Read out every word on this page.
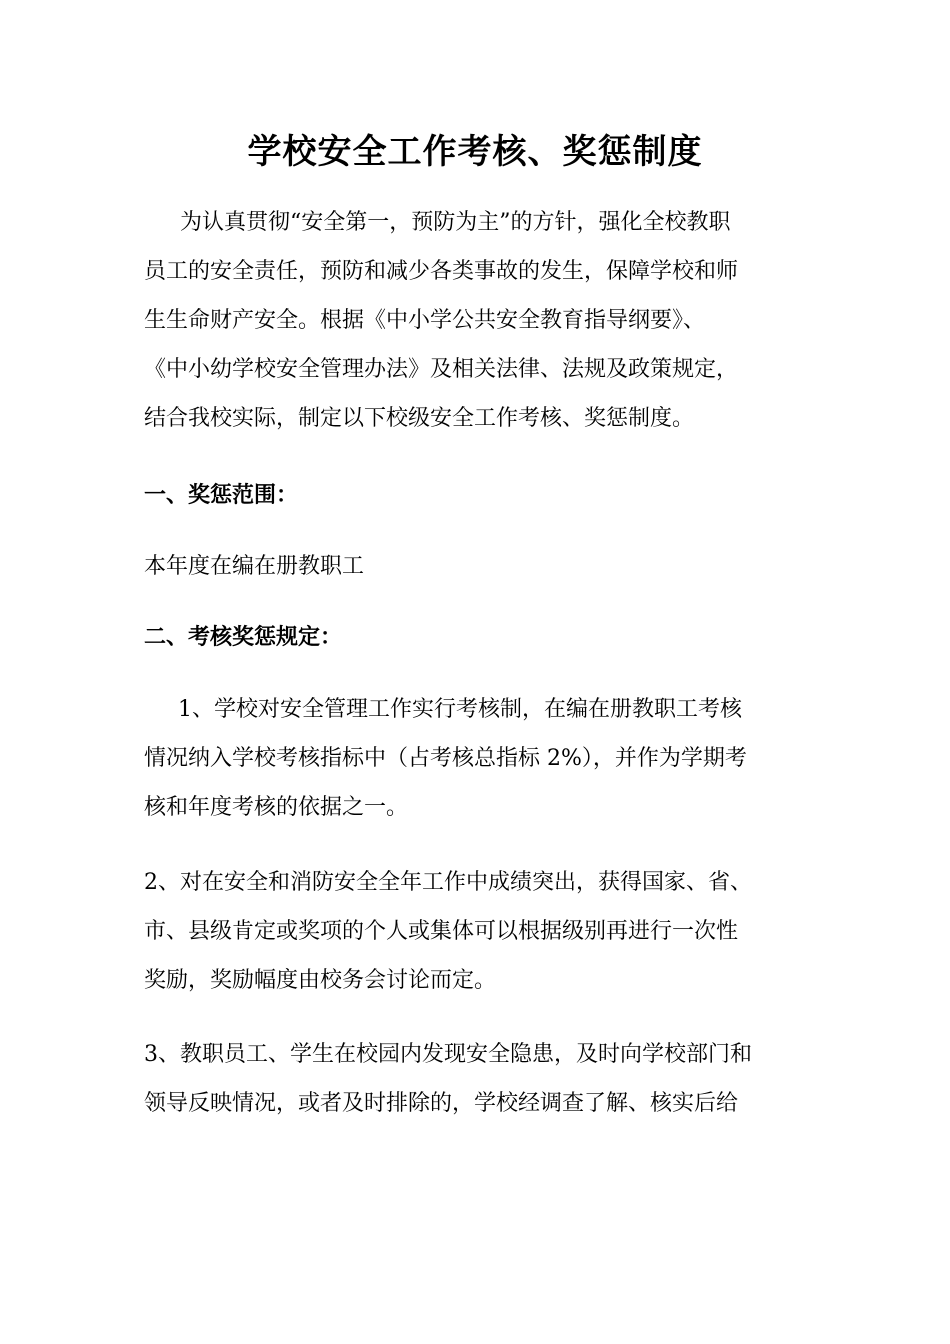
学校安全工作考核、奖惩制度

为认真贯彻“安全第一，预防为主”的方针，强化全校教职
员工的安全责任，预防和减少各类事故的发生，保障学校和师
生生命财产安全。根据《中小学公共安全教育指导纲要》、
《中小幼学校安全管理办法》及相关法律、法规及政策规定，
结合我校实际，制定以下校级安全工作考核、奖惩制度。

一、奖惩范围：

本年度在编在册教职工

二、考核奖惩规定：

1、学校对安全管理工作实行考核制，在编在册教职工考核
情况纳入学校考核指标中（占考核总指标 2%），并作为学期考
核和年度考核的依据之一。

2、对在安全和消防安全全年工作中成绩突出，获得国家、省、
市、县级肯定或奖项的个人或集体可以根据级别再进行一次性
奖励，奖励幅度由校务会讨论而定。

3、教职员工、学生在校园内发现安全隐患，及时向学校部门和
领导反映情况，或者及时排除的，学校经调查了解、核实后给
